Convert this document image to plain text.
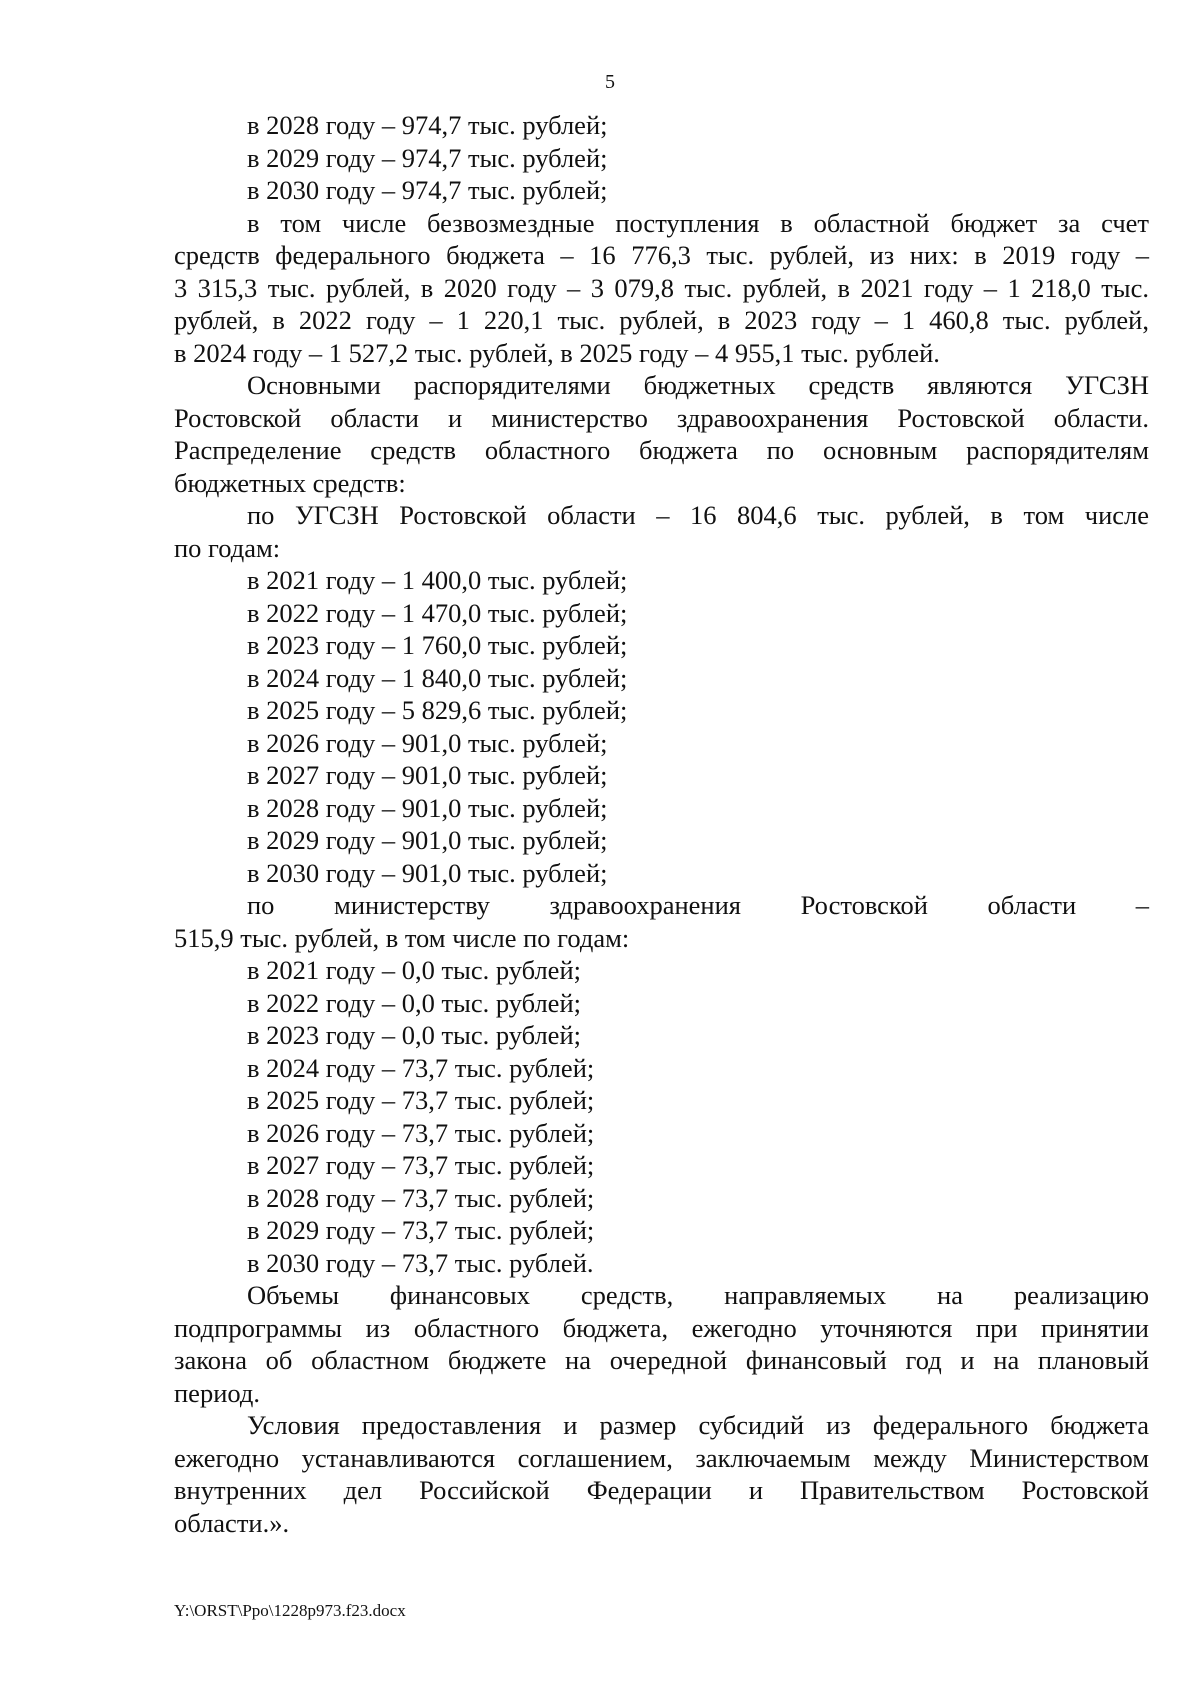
5
в 2028 году – 974,7 тыс. рублей;
в 2029 году – 974,7 тыс. рублей;
в 2030 году – 974,7 тыс. рублей;
в том числе безвозмездные поступления в областной бюджет за счет
средств федерального бюджета – 16 776,3 тыс. рублей, из них: в 2019 году –
3 315,3 тыс. рублей, в 2020 году – 3 079,8 тыс. рублей, в 2021 году – 1 218,0 тыс.
рублей, в 2022 году – 1 220,1 тыс. рублей, в 2023 году – 1 460,8 тыс. рублей,
в 2024 году – 1 527,2 тыс. рублей, в 2025 году – 4 955,1 тыс. рублей.
Основными распорядителями бюджетных средств являются УГСЗН
Ростовской области и министерство здравоохранения Ростовской области.
Распределение средств областного бюджета по основным распорядителям
бюджетных средств:
по УГСЗН Ростовской области – 16 804,6 тыс. рублей, в том числе
по годам:
в 2021 году – 1 400,0 тыс. рублей;
в 2022 году – 1 470,0 тыс. рублей;
в 2023 году – 1 760,0 тыс. рублей;
в 2024 году – 1 840,0 тыс. рублей;
в 2025 году – 5 829,6 тыс. рублей;
в 2026 году – 901,0 тыс. рублей;
в 2027 году – 901,0 тыс. рублей;
в 2028 году – 901,0 тыс. рублей;
в 2029 году – 901,0 тыс. рублей;
в 2030 году – 901,0 тыс. рублей;
по министерству здравоохранения Ростовской области –
515,9 тыс. рублей, в том числе по годам:
в 2021 году – 0,0 тыс. рублей;
в 2022 году – 0,0 тыс. рублей;
в 2023 году – 0,0 тыс. рублей;
в 2024 году – 73,7 тыс. рублей;
в 2025 году – 73,7 тыс. рублей;
в 2026 году – 73,7 тыс. рублей;
в 2027 году – 73,7 тыс. рублей;
в 2028 году – 73,7 тыс. рублей;
в 2029 году – 73,7 тыс. рублей;
в 2030 году – 73,7 тыс. рублей.
Объемы финансовых средств, направляемых на реализацию
подпрограммы из областного бюджета, ежегодно уточняются при принятии
закона об областном бюджете на очередной финансовый год и на плановый
период.
Условия предоставления и размер субсидий из федерального бюджета
ежегодно устанавливаются соглашением, заключаемым между Министерством
внутренних дел Российской Федерации и Правительством Ростовской
области.».
Y:\ORST\Ppo\1228p973.f23.docx
